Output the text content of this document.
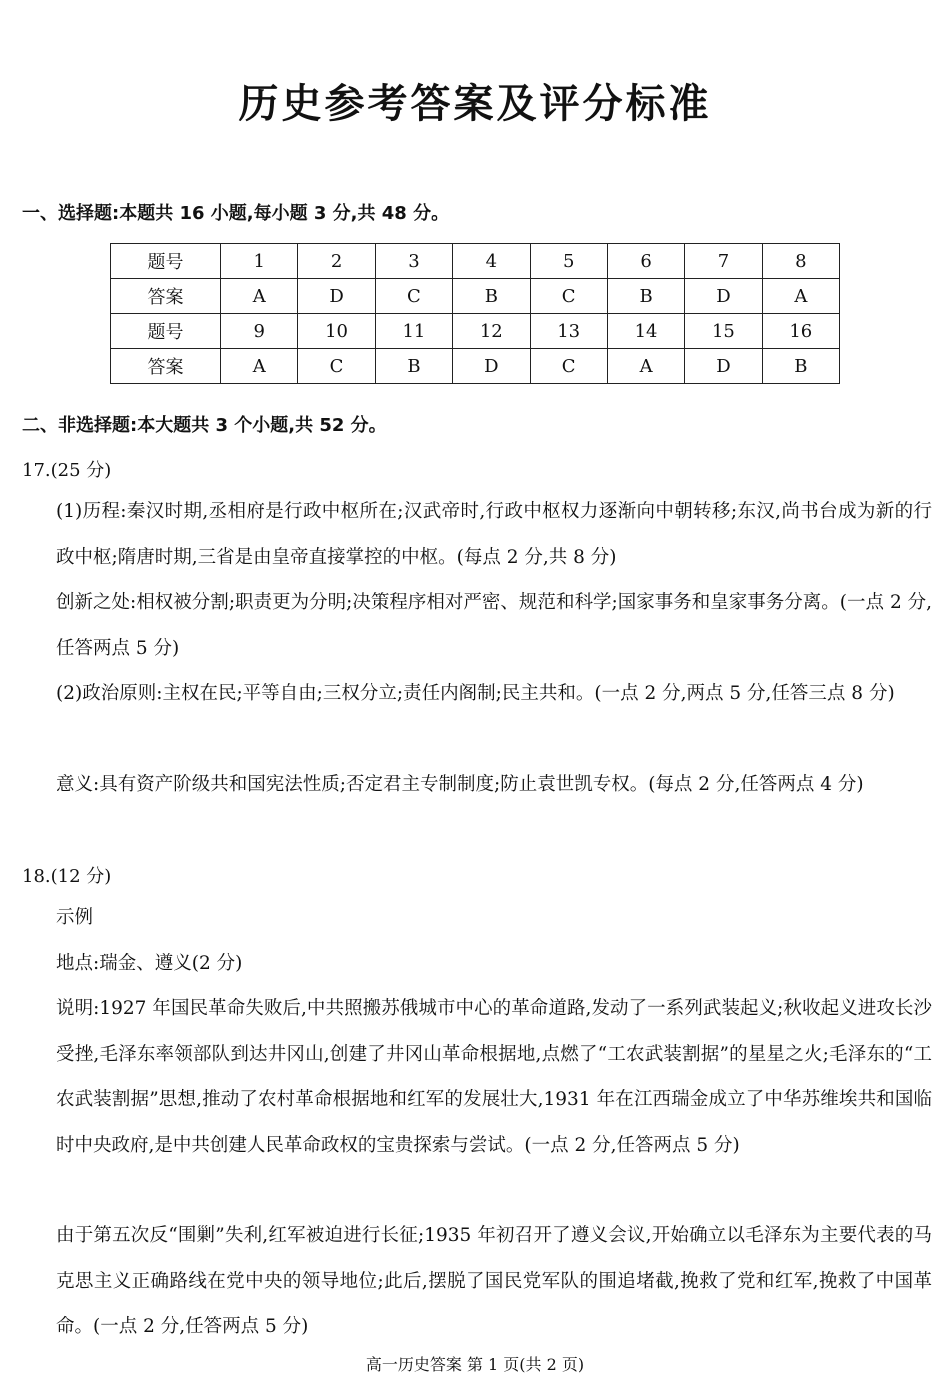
历史参考答案及评分标准
一、选择题:本题共 16 小题,每小题 3 分,共 48 分。
题号	1	2	3	4	5	6	7	8
答案	A	D	C	B	C	B	D	A
题号	9	10	11	12	13	14	15	16
答案	A	C	B	D	C	A	D	B
二、非选择题:本大题共 3 个小题,共 52 分。
17.(25 分)
(1)历程:秦汉时期,丞相府是行政中枢所在;汉武帝时,行政中枢权力逐渐向中朝转移;东汉,尚书台成为新的行政中枢;隋唐时期,三省是由皇帝直接掌控的中枢。(每点 2 分,共 8 分)
创新之处:相权被分割;职责更为分明;决策程序相对严密、规范和科学;国家事务和皇家事务分离。(一点 2 分,任答两点 5 分)
(2)政治原则:主权在民;平等自由;三权分立;责任内阁制;民主共和。(一点 2 分,两点 5 分,任答三点 8 分)
意义:具有资产阶级共和国宪法性质;否定君主专制制度;防止袁世凯专权。(每点 2 分,任答两点 4 分)
18.(12 分)
示例
地点:瑞金、遵义(2 分)
说明:1927 年国民革命失败后,中共照搬苏俄城市中心的革命道路,发动了一系列武装起义;秋收起义进攻长沙受挫,毛泽东率领部队到达井冈山,创建了井冈山革命根据地,点燃了“工农武装割据”的星星之火;毛泽东的“工农武装割据”思想,推动了农村革命根据地和红军的发展壮大,1931 年在江西瑞金成立了中华苏维埃共和国临时中央政府,是中共创建人民革命政权的宝贵探索与尝试。(一点 2 分,任答两点 5 分)
由于第五次反“围剿”失利,红军被迫进行长征;1935 年初召开了遵义会议,开始确立以毛泽东为主要代表的马克思主义正确路线在党中央的领导地位;此后,摆脱了国民党军队的围追堵截,挽救了党和红军,挽救了中国革命。(一点 2 分,任答两点 5 分)
高一历史答案 第 1 页(共 2 页)
